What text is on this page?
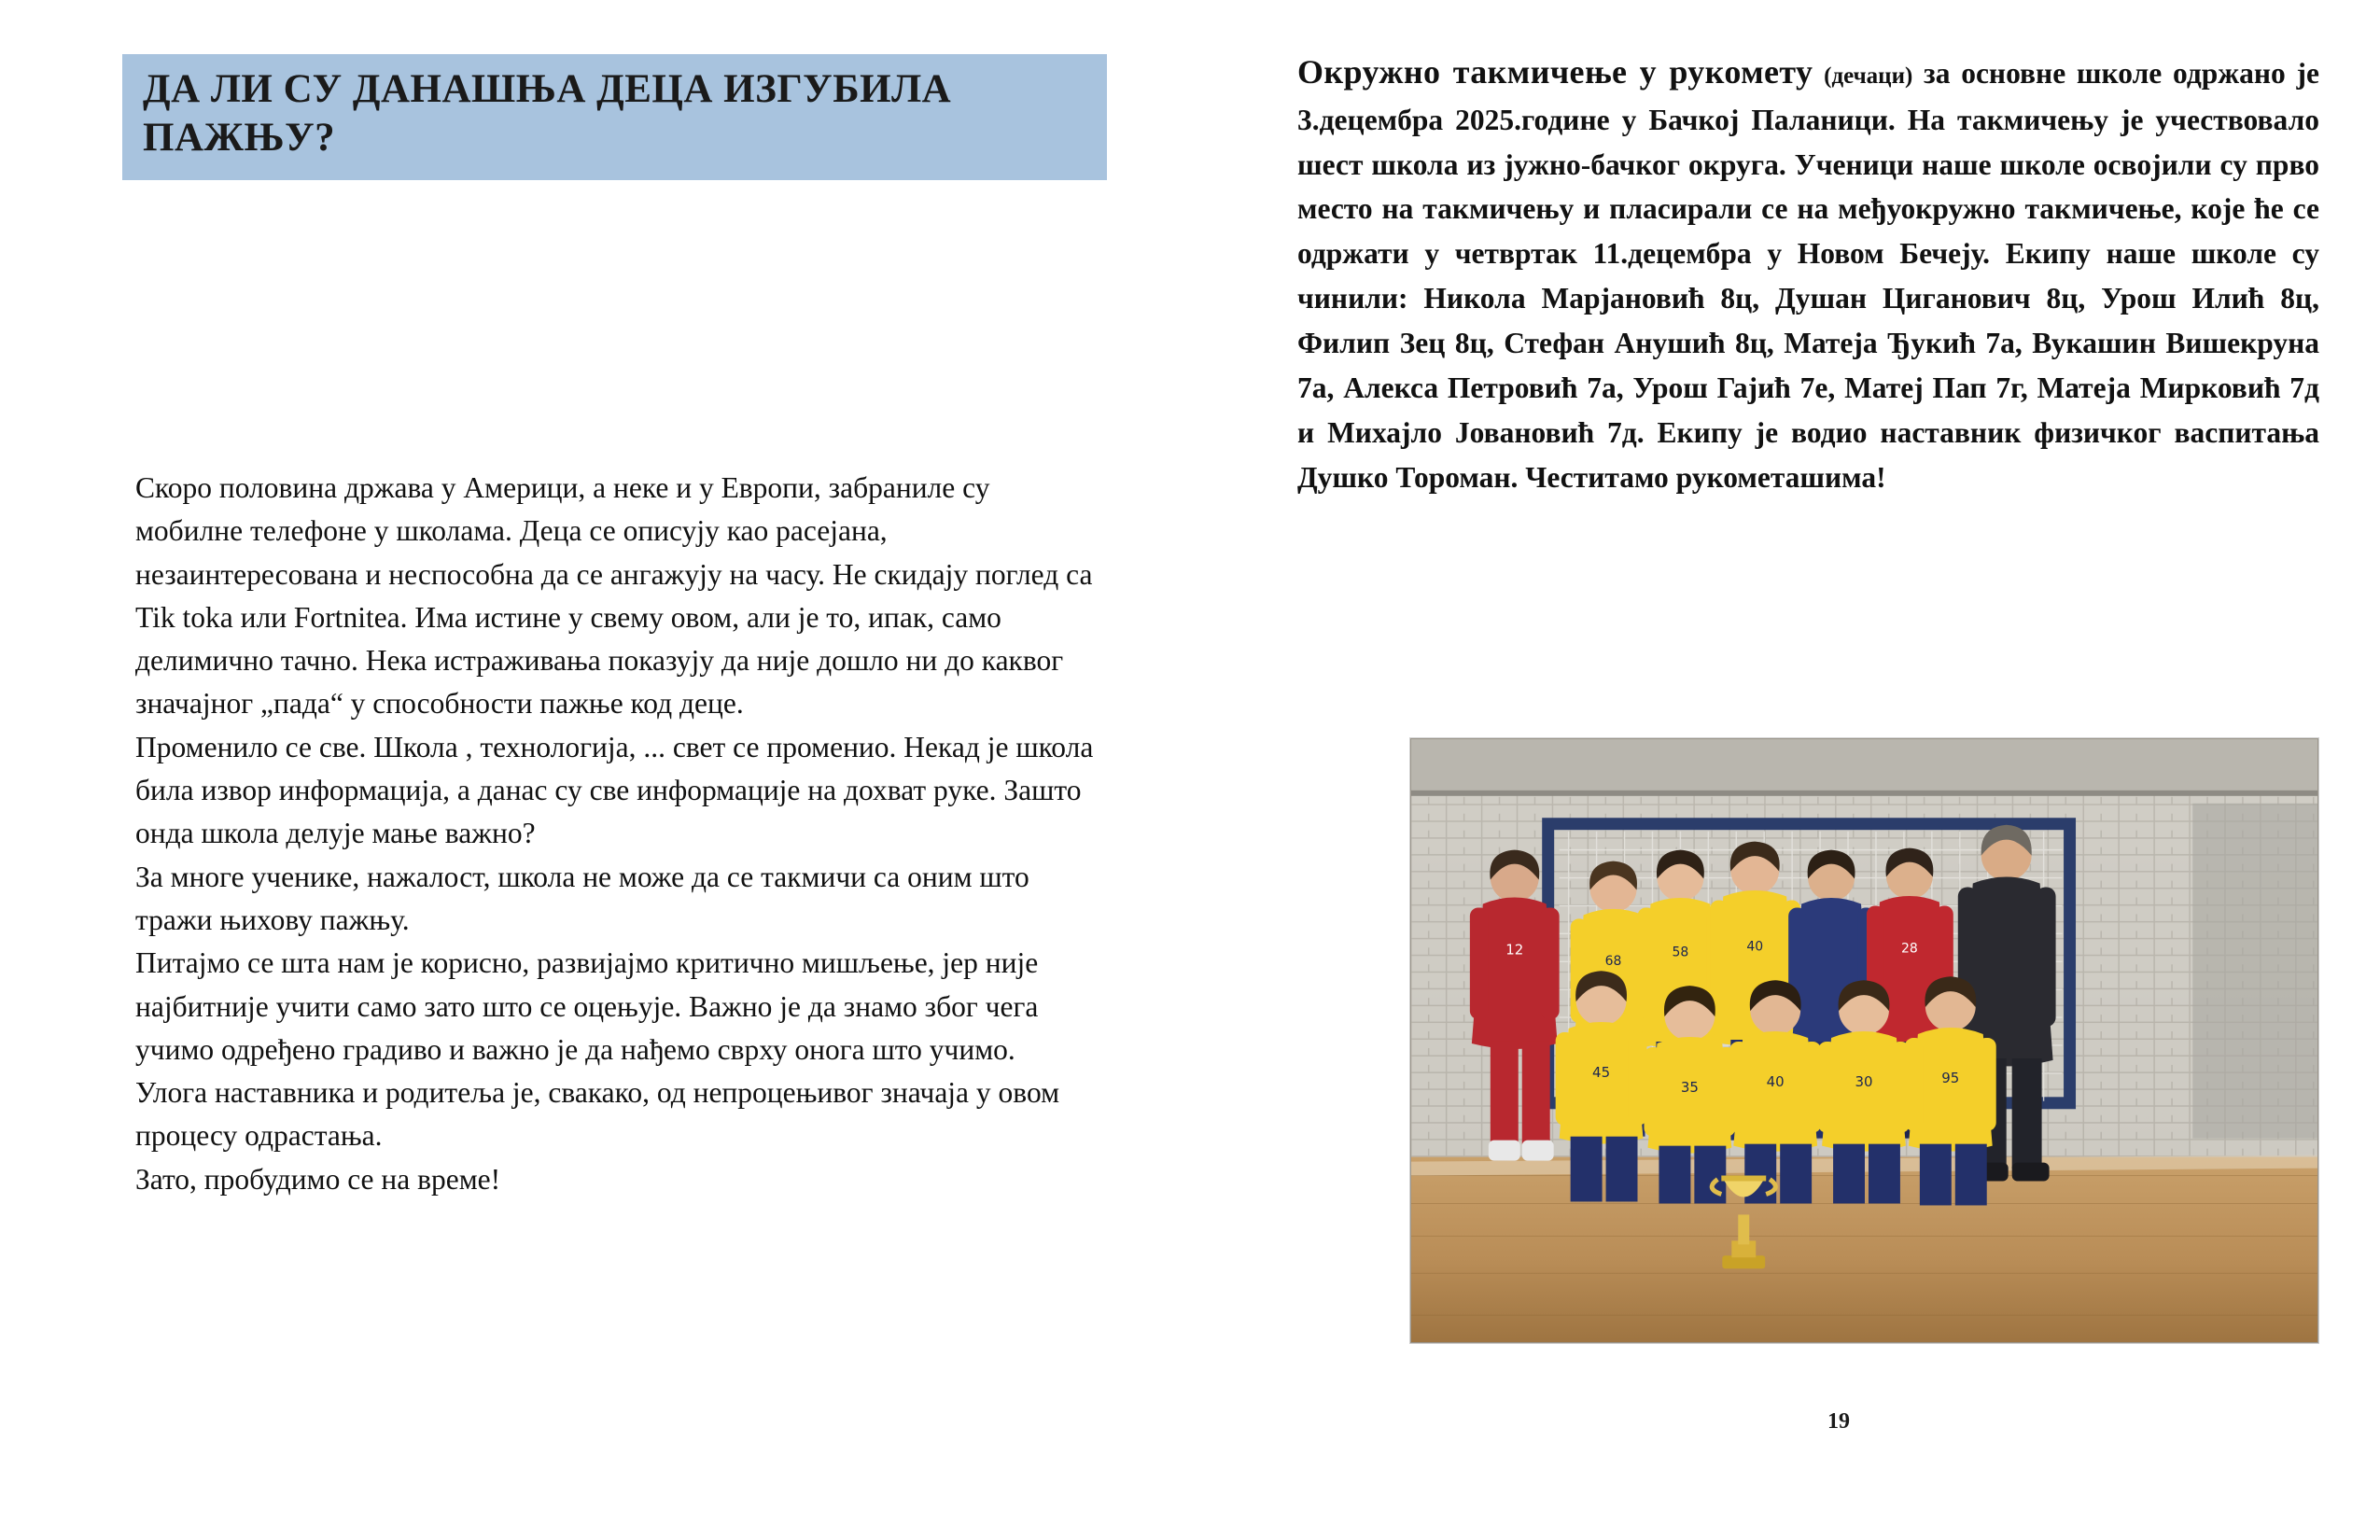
ДА ЛИ СУ ДАНАШЊА ДЕЦА ИЗГУБИЛА ПАЖЊУ?

Скоро половина држава у Америци, а неке и у Европи, забраниле су мобилне телефоне у школама. Деца се описују као расејана, незаинтересована и неспособна да се ангажују на часу. Не скидају поглед са Tik toka или Fortnitea. Има истине у свему овом, али је то, ипак, само делимично тачно. Нека истраживања показују да није дошло ни до каквог значајног „пада“ у способности пажње код деце.

Променило се све. Школа , технологија, ... свет се променио. Некад је школа била извор информација, а данас су све информације на дохват руке. Зашто онда школа делује мање важно?

За многе ученике, нажалост, школа не може да се такмичи са оним што тражи њихову пажњу.

Питајмо се шта нам је корисно, развијајмо критично мишљење, јер није најбитније учити само зато што се оцењује. Важно је да знамо због чега учимо одређено градиво и важно је да нађемо сврху онога што учимо.

Улога наставника и родитеља је, свакако, од непроцењивог значаја у овом процесу одрастања.

Зато, пробудимо се на време!

Окружно такмичење у рукомету (дечаци) за основне школе одржано је 3.децембра 2025.године у Бачкој Паланици. На такмичењу је учествовало шест школа из јужно-бачког округа. Ученици наше школе освојили су прво место на такмичењу и пласирали се на међуокружно такмичење, које ће се одржати у четвртак 11.децембра у Новом Бечеју. Екипу наше школе су чинили: Никола Марјановић 8ц, Душан Циганович 8ц, Урош Илић 8ц, Филип Зец 8ц, Стефан Анушић 8ц, Матеја Ђукић 7а, Вукашин Вишекруна 7а, Алекса Петровић 7а, Урош Гајић 7е, Матеј Пап 7г, Матеја Мирковић 7д и Михајло Јовановић 7д. Екипу је водио наставник физичког васпитања Душко Тороман. Честитамо рукометашима!

12
68
58	40	28
45
35	40	30	95
19
